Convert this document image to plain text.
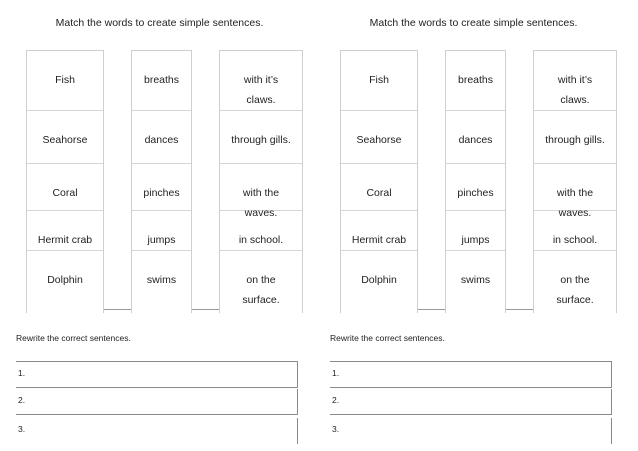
Match the words to create simple sentences.
Fish
Seahorse
Coral
Hermit crab
Dolphin
breaths
dances
pinches
jumps
swims
with it’s
claws.
through gills.
with the
waves.
in school.
on the
surface.
Rewrite the correct sentences.
1.
2.
3.
Match the words to create simple sentences.
Fish
Seahorse
Coral
Hermit crab
Dolphin
breaths
dances
pinches
jumps
swims
with it’s
claws.
through gills.
with the
waves.
in school.
on the
surface.
Rewrite the correct sentences.
1.
2.
3.
